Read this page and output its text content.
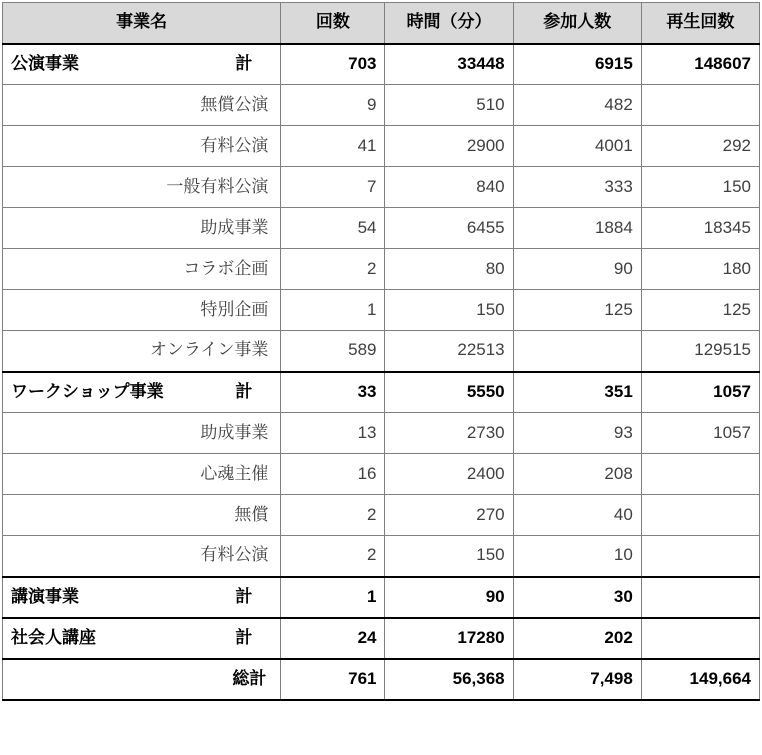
事業名	回数	時間（分）	参加人数	再生回数

公演事業 計	703	33448	6915	148607
無償公演	9	510	482	
有料公演	41	2900	4001	292
一般有料公演	7	840	333	150
助成事業	54	6455	1884	18345
コラボ企画	2	80	90	180
特別企画	1	150	125	125
オンライン事業	589	22513		129515

ワークショップ事業 計	33	5550	351	1057
助成事業	13	2730	93	1057
心魂主催	16	2400	208	
無償	2	270	40	
有料公演	2	150	10	

講演事業 計	1	90	30	

社会人講座 計	24	17280	202	
総計	761	56,368	7,498	149,664
